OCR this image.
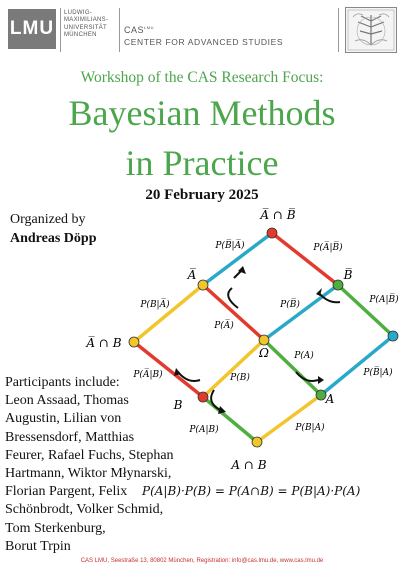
LMU
LUDWIG-
MAXIMILIANS-
UNIVERSITÄT
MÜNCHEN
$CAS^{LMU}$
CENTER FOR ADVANCED STUDIES
Workshop of the CAS Research Focus:
Bayesian Methods
in Practice
20 February 2025
Organized by
Andreas Döpp
A̅ ∩ B̅
A̅	B̅
A̅ ∩ B
Ω
B	A
A ∩ B
P(B̅|A̅)	P(A̅|B̅)
P(B|A̅)	P(B̅)	P(A|B̅)
P(A̅)
P(A)
P(A̅|B)	P(B)	P(B̅|A)
P(A|B)	P(B|A)
Participants include:
Leon Assaad, Thomas
Augustin, Lilian von
Bressensdorf, Matthias
Feurer, Rafael Fuchs, Stephan
Hartmann, Wiktor Młynarski,
Florian Pargent, Felix
Schönbrodt, Volker Schmid,
Tom Sterkenburg,
Borut Trpin
P(A|B)·P(B) = P(A∩B) = P(B|A)·P(A)
CAS LMU, Seestraße 13, 80802 München, Registration: info@cas.lmu.de, www.cas.lmu.de
